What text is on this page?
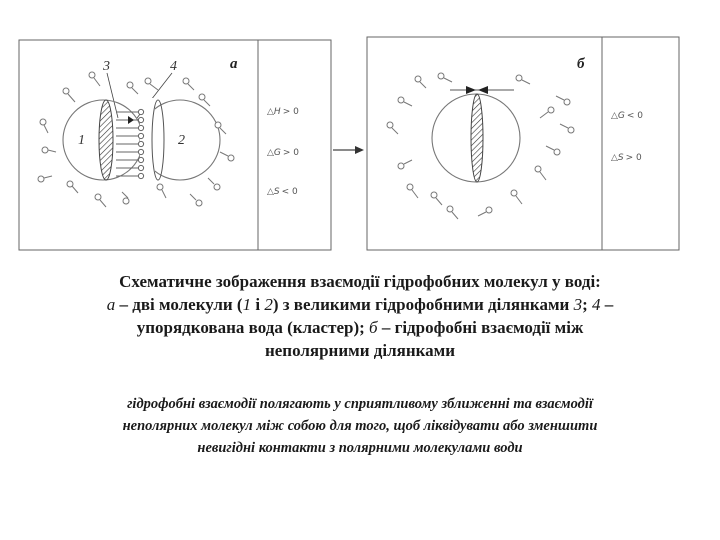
а
3	4
1	2
△H > 0
△G > 0
△S < 0
б
△G < 0
△S > 0
Схематичне зображення взаємодії гідрофобних молекул у воді:
а – дві молекули (1 і 2) з великими гідрофобними ділянками 3; 4 –
упорядкована вода (кластер); б – гідрофобні взаємодії між
неполярними ділянками
гідрофобні взаємодії полягають у сприятливому зближенні та взаємодії
неполярних молекул між собою для того, щоб ліквідувати або зменшити
невигідні контакти з полярними молекулами води
